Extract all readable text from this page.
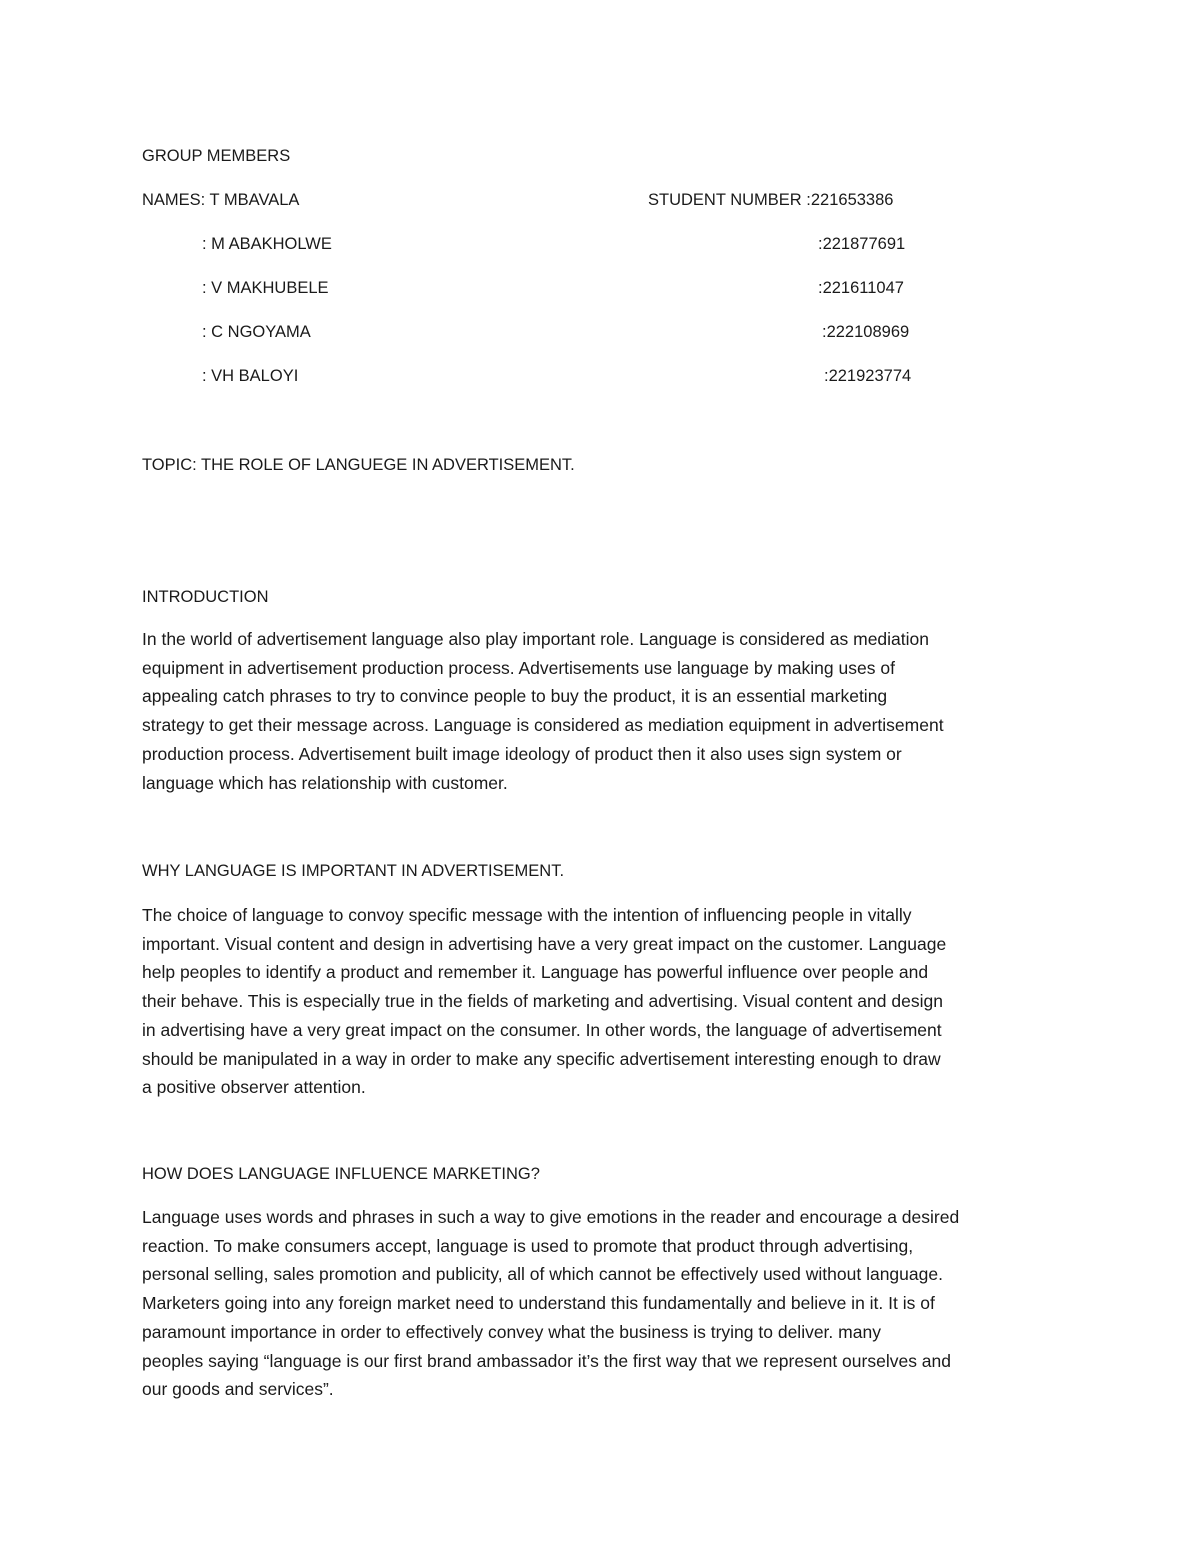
GROUP MEMBERS
NAMES: T MBAVALA	STUDENT NUMBER :221653386
: M ABAKHOLWE	:221877691
: V MAKHUBELE	:221611047
: C NGOYAMA	:222108969
: VH BALOYI	:221923774
TOPIC: THE ROLE OF LANGUEGE IN ADVERTISEMENT.
INTRODUCTION
In the world of advertisement language also play important role. Language is considered as mediation
equipment in advertisement production process. Advertisements use language by making uses of
appealing catch phrases to try to convince people to buy the product, it is an essential marketing
strategy to get their message across. Language is considered as mediation equipment in advertisement
production process. Advertisement built image ideology of product then it also uses sign system or
language which has relationship with customer.
WHY LANGUAGE IS IMPORTANT IN ADVERTISEMENT.
The choice of language to convoy specific message with the intention of influencing people in vitally
important. Visual content and design in advertising have a very great impact on the customer. Language
help peoples to identify a product and remember it. Language has powerful influence over people and
their behave. This is especially true in the fields of marketing and advertising. Visual content and design
in advertising have a very great impact on the consumer. In other words, the language of advertisement
should be manipulated in a way in order to make any specific advertisement interesting enough to draw
a positive observer attention.
HOW DOES LANGUAGE INFLUENCE MARKETING?
Language uses words and phrases in such a way to give emotions in the reader and encourage a desired
reaction. To make consumers accept, language is used to promote that product through advertising,
personal selling, sales promotion and publicity, all of which cannot be effectively used without language.
Marketers going into any foreign market need to understand this fundamentally and believe in it. It is of
paramount importance in order to effectively convey what the business is trying to deliver. many
peoples saying “language is our first brand ambassador it’s the first way that we represent ourselves and
our goods and services”.
